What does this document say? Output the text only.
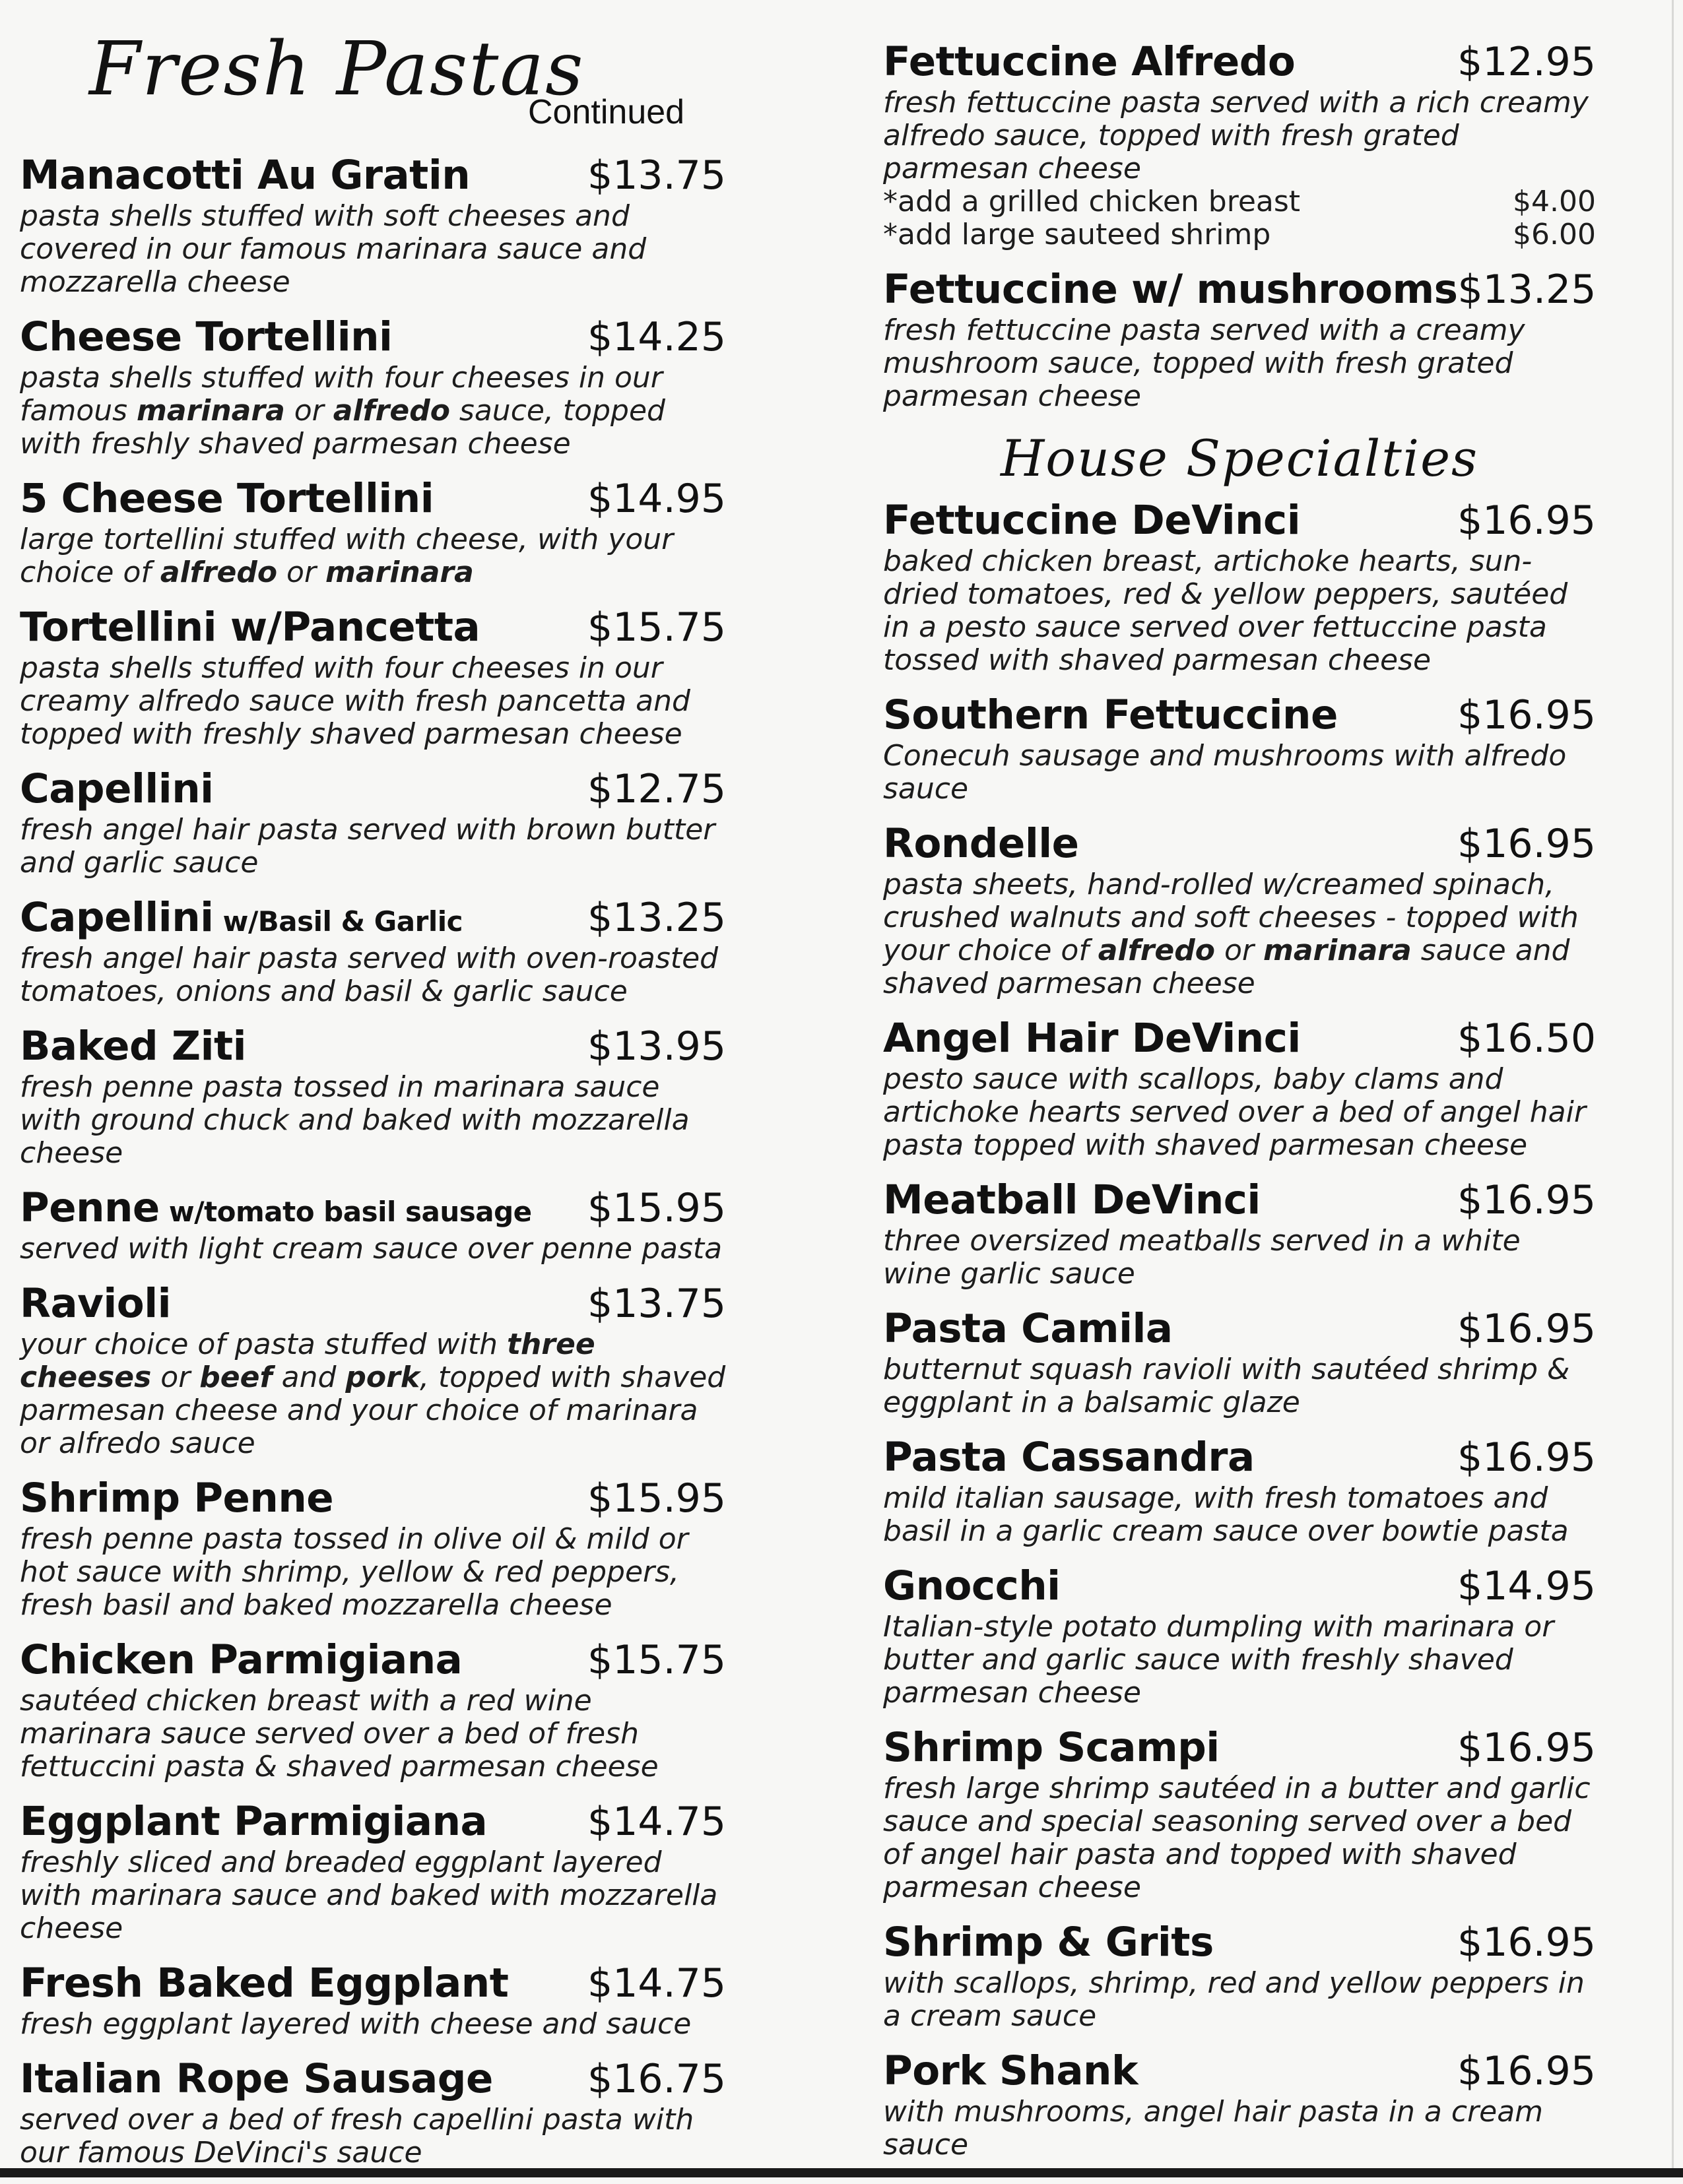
Fresh Pastas
Continued
Manacotti Au Gratin	$13.75
pasta shells stuffed with soft cheeses and covered in our famous marinara sauce and mozzarella cheese
Cheese Tortellini	$14.25
pasta shells stuffed with four cheeses in our famous marinara or alfredo sauce, topped with freshly shaved parmesan cheese
5 Cheese Tortellini	$14.95
large tortellini stuffed with cheese, with your choice of alfredo or marinara
Tortellini w/Pancetta	$15.75
pasta shells stuffed with four cheeses in our creamy alfredo sauce with fresh pancetta and topped with freshly shaved parmesan cheese
Capellini	$12.75
fresh angel hair pasta served with brown butter and garlic sauce
Capellini w/Basil & Garlic	$13.25
fresh angel hair pasta served with oven-roasted tomatoes, onions and basil & garlic sauce
Baked Ziti	$13.95
fresh penne pasta tossed in marinara sauce with ground chuck and baked with mozzarella cheese
Penne w/tomato basil sausage $15.95
served with light cream sauce over penne pasta
Ravioli	$13.75
your choice of pasta stuffed with three cheeses or beef and pork, topped with shaved parmesan cheese and your choice of marinara or alfredo sauce
Shrimp Penne	$15.95
fresh penne pasta tossed in olive oil & mild or hot sauce with shrimp, yellow & red peppers, fresh basil and baked mozzarella cheese
Chicken Parmigiana	$15.75
sautéed chicken breast with a red wine marinara sauce served over a bed of fresh fettuccini pasta & shaved parmesan cheese
Eggplant Parmigiana	$14.75
freshly sliced and breaded eggplant layered with marinara sauce and baked with mozzarella cheese
Fresh Baked Eggplant $14.75
fresh eggplant layered with cheese and sauce
Italian Rope Sausage $16.75
served over a bed of fresh capellini pasta with our famous DeVinci's sauce
Fettuccine Alfredo	$12.95
fresh fettuccine pasta served with a rich creamy alfredo sauce, topped with fresh grated parmesan cheese
*add a grilled chicken breast	$4.00
*add large sauteed shrimp	$6.00
Fettuccine w/ mushrooms $13.25
fresh fettuccine pasta served with a creamy mushroom sauce, topped with fresh grated parmesan cheese
House Specialties
Fettuccine DeVinci	$16.95
baked chicken breast, artichoke hearts, sun-dried tomatoes, red & yellow peppers, sautéed in a pesto sauce served over fettuccine pasta tossed with shaved parmesan cheese
Southern Fettuccine	$16.95
Conecuh sausage and mushrooms with alfredo sauce
Rondelle	$16.95
pasta sheets, hand-rolled w/creamed spinach, crushed walnuts and soft cheeses - topped with your choice of alfredo or marinara sauce and shaved parmesan cheese
Angel Hair DeVinci	$16.50
pesto sauce with scallops, baby clams and artichoke hearts served over a bed of angel hair pasta topped with shaved parmesan cheese
Meatball DeVinci	$16.95
three oversized meatballs served in a white wine garlic sauce
Pasta Camila	$16.95
butternut squash ravioli with sautéed shrimp & eggplant in a balsamic glaze
Pasta Cassandra	$16.95
mild italian sausage, with fresh tomatoes and basil in a garlic cream sauce over bowtie pasta
Gnocchi	$14.95
Italian-style potato dumpling with marinara or butter and garlic sauce with freshly shaved parmesan cheese
Shrimp Scampi	$16.95
fresh large shrimp sautéed in a butter and garlic sauce and special seasoning served over a bed of angel hair pasta and topped with shaved parmesan cheese
Shrimp & Grits	$16.95
with scallops, shrimp, red and yellow peppers in a cream sauce
Pork Shank	$16.95
with mushrooms, angel hair pasta in a cream sauce
